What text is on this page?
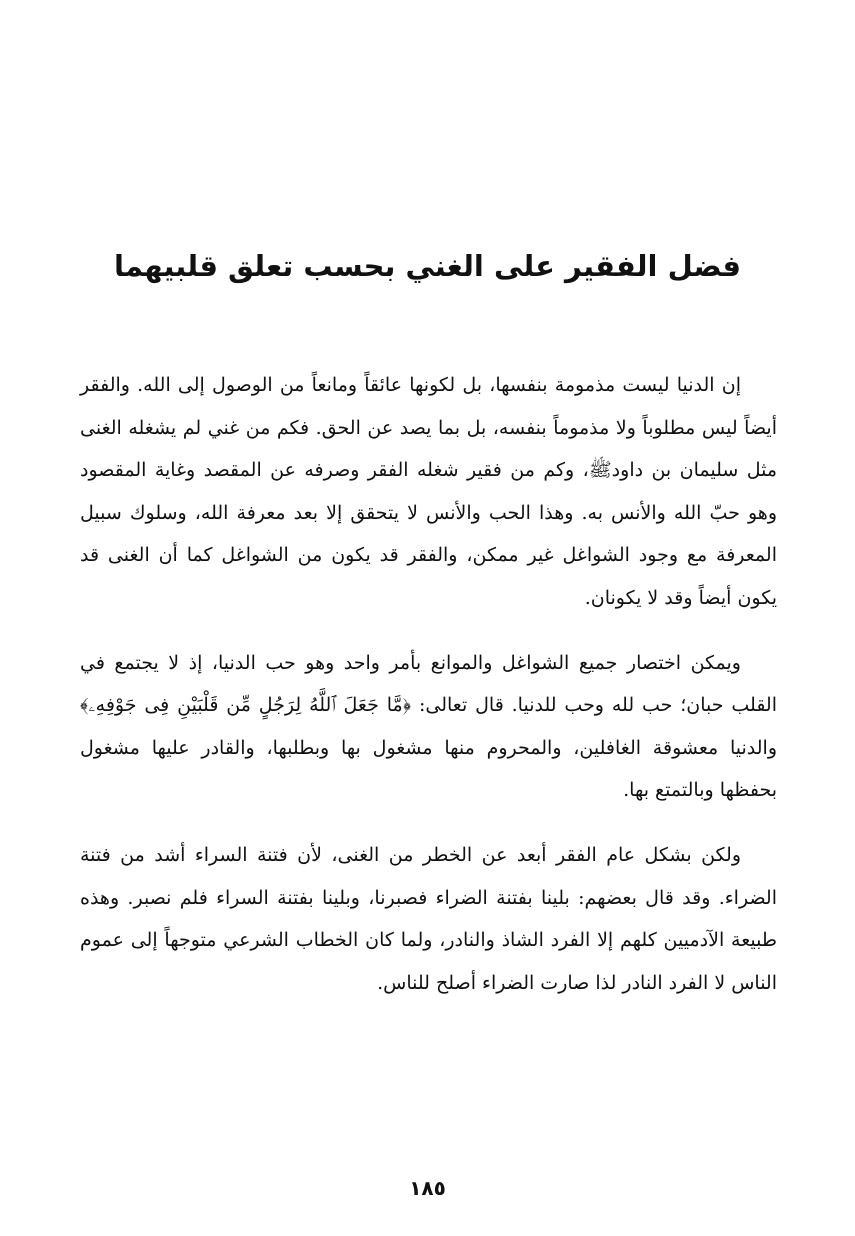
فضل الفقير على الغني بحسب تعلق قلبيهما

إن الدنيا ليست مذمومة بنفسها، بل لكونها عائقاً ومانعاً من الوصول إلى الله. والفقر أيضاً ليس مطلوباً ولا مذموماً بنفسه، بل بما يصد عن الحق. فكم من غني لم يشغله الغنى مثل سليمان بن داودﷺ، وكم من فقير شغله الفقر وصرفه عن المقصد وغاية المقصود وهو حبّ الله والأنس به. وهذا الحب والأنس لا يتحقق إلا بعد معرفة الله، وسلوك سبيل المعرفة مع وجود الشواغل غير ممكن، والفقر قد يكون من الشواغل كما أن الغنى قد يكون أيضاً وقد لا يكونان.

ويمكن اختصار جميع الشواغل والموانع بأمر واحد وهو حب الدنيا، إذ لا يجتمع في القلب حبان؛ حب لله وحب للدنيا. قال تعالى: ﴿مَّا جَعَلَ ٱللَّهُ لِرَجُلٍ مِّن قَلْبَيْنِ فِى جَوْفِهِۦ﴾ والدنيا معشوقة الغافلين، والمحروم منها مشغول بها وبطلبها، والقادر عليها مشغول بحفظها وبالتمتع بها.

ولكن بشكل عام الفقر أبعد عن الخطر من الغنى، لأن فتنة السراء أشد من فتنة الضراء. وقد قال بعضهم: بلينا بفتنة الضراء فصبرنا، وبلينا بفتنة السراء فلم نصبر. وهذه طبيعة الآدميين كلهم إلا الفرد الشاذ والنادر، ولما كان الخطاب الشرعي متوجهاً إلى عموم الناس لا الفرد النادر لذا صارت الضراء أصلح للناس.

١٨٥
